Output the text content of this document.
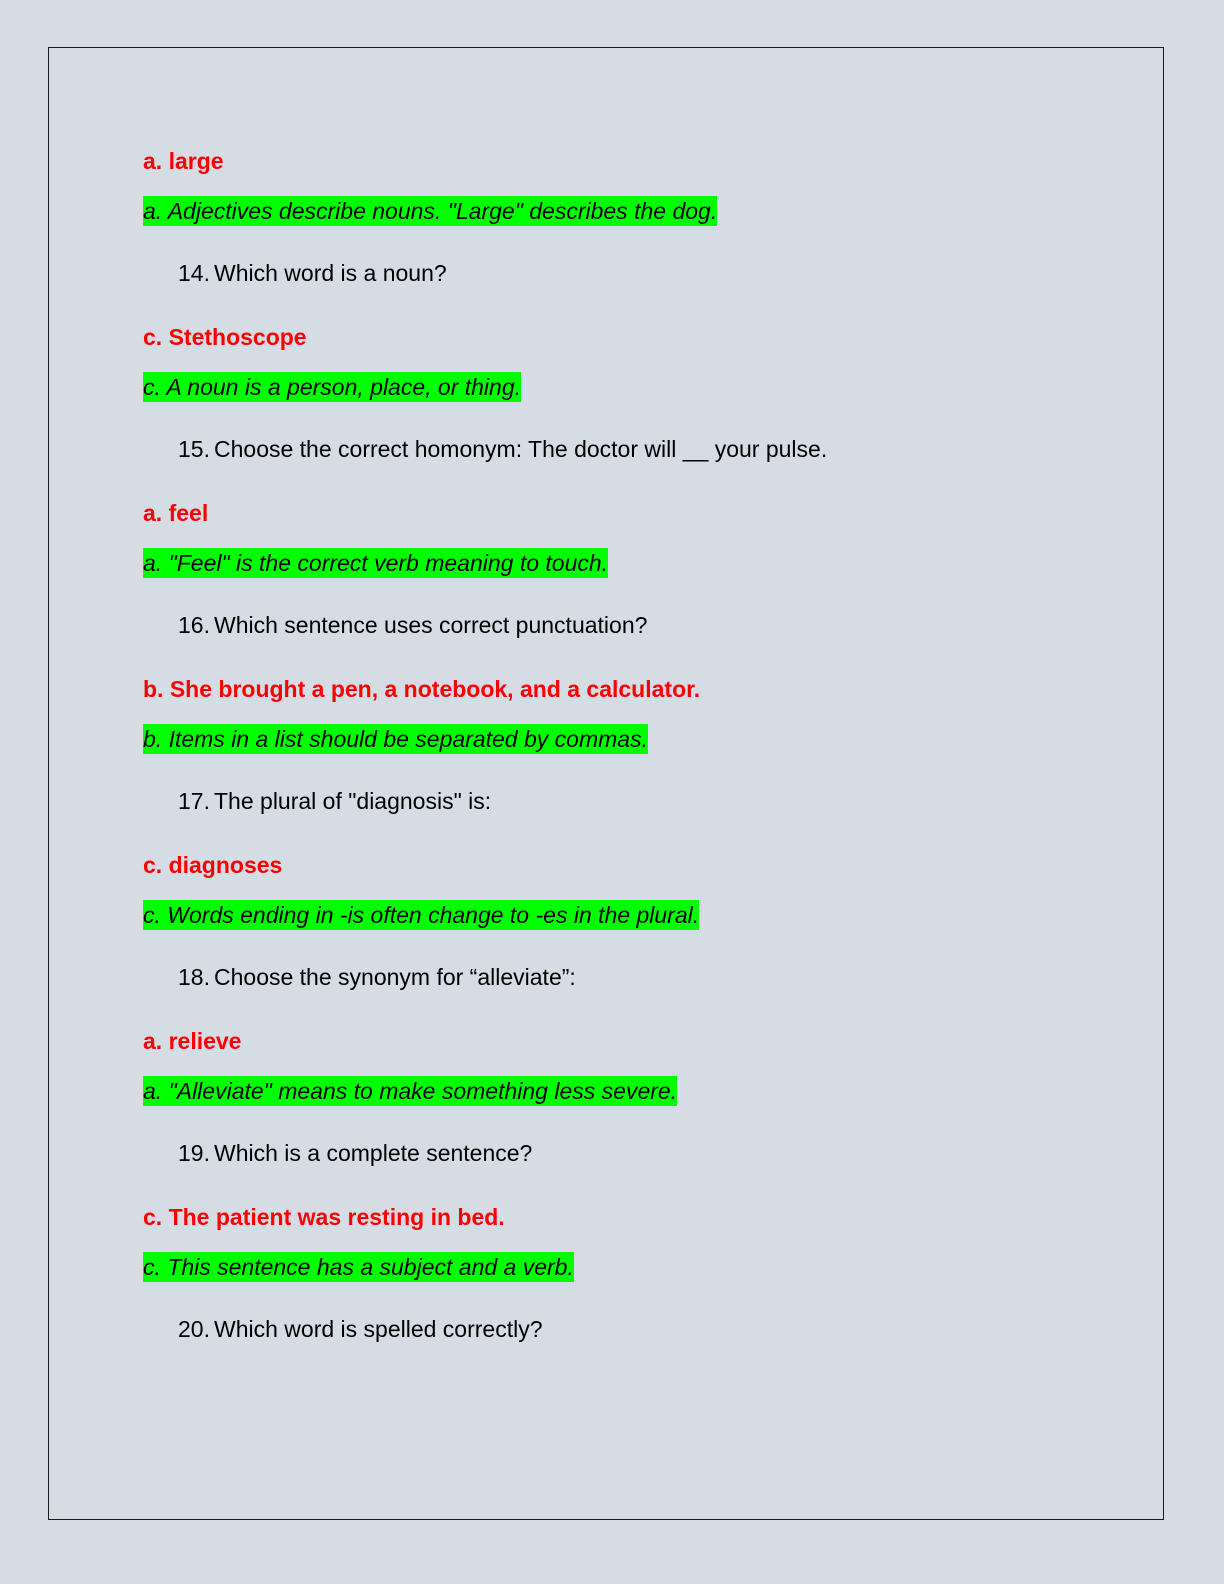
a. large
a. Adjectives describe nouns. "Large" describes the dog.
14. Which word is a noun?
c. Stethoscope
c. A noun is a person, place, or thing.
15. Choose the correct homonym: The doctor will __ your pulse.
a. feel
a. "Feel" is the correct verb meaning to touch.
16. Which sentence uses correct punctuation?
b. She brought a pen, a notebook, and a calculator.
b. Items in a list should be separated by commas.
17. The plural of "diagnosis" is:
c. diagnoses
c. Words ending in -is often change to -es in the plural.
18. Choose the synonym for “alleviate”:
a. relieve
a. "Alleviate" means to make something less severe.
19. Which is a complete sentence?
c. The patient was resting in bed.
c. This sentence has a subject and a verb.
20. Which word is spelled correctly?
